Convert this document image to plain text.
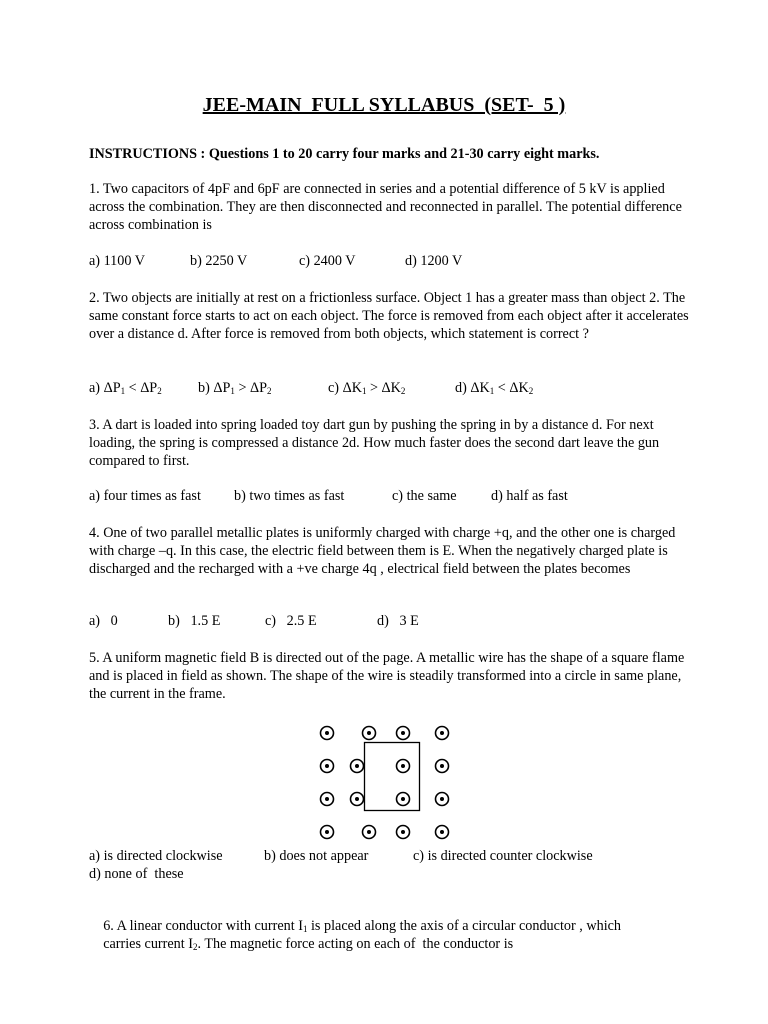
JEE-MAIN  FULL SYLLABUS  (SET-  5 )
INSTRUCTIONS : Questions 1 to 20 carry four marks and 21-30 carry eight marks.
1. Two capacitors of 4pF and 6pF are connected in series and a potential difference of 5 kV is applied across the combination. They are then disconnected and reconnected in parallel. The potential difference across combination is

a) 1100 V

	b) 2250 V

	c) 2400 V

	d) 1200 V

2. Two objects are initially at rest on a frictionless surface. Object 1 has a greater mass than object 2. The same constant force starts to act on each object. The force is removed from each object after it accelerates over a distance d. After force is removed from both objects, which statement is correct ?

a) $\Delta P_1 < \Delta P_2$

	b) $\Delta P_1 > \Delta P_2$

	c) $\Delta K_1 > \Delta K_2$

	d) $\Delta K_1 < \Delta K_2$

3. A dart is loaded into spring loaded toy dart gun by pushing the spring in by a distance d. For next loading, the spring is compressed a distance 2d. How much faster does the second dart leave the gun compared to first.

a) four times as fast

b) two times as fast

	c) the same

d) half as fast

4. One of two parallel metallic plates is uniformly charged with charge +q, and the other one is charged with charge –q. In this case, the electric field between them is E. When the negatively charged plate is discharged and the recharged with a +ve charge 4q , electrical field between the plates becomes

a)   0

	b)   1.5 E

	c)   2.5 E

	d)   3 E

5. A uniform magnetic field B is directed out of the page. A metallic wire has the shape of a square flame and is placed in field as shown. The shape of the wire is steadily transformed into a circle in same plane, the current in the frame.

a) is directed clockwise

	b) does not appear

	c) is directed counter clockwise

d) none of  these

6. A linear conductor with current $I_1$ is placed along the axis of a circular conductor , which

carries current $I_2$. The magnetic force acting on each of  the conductor is
